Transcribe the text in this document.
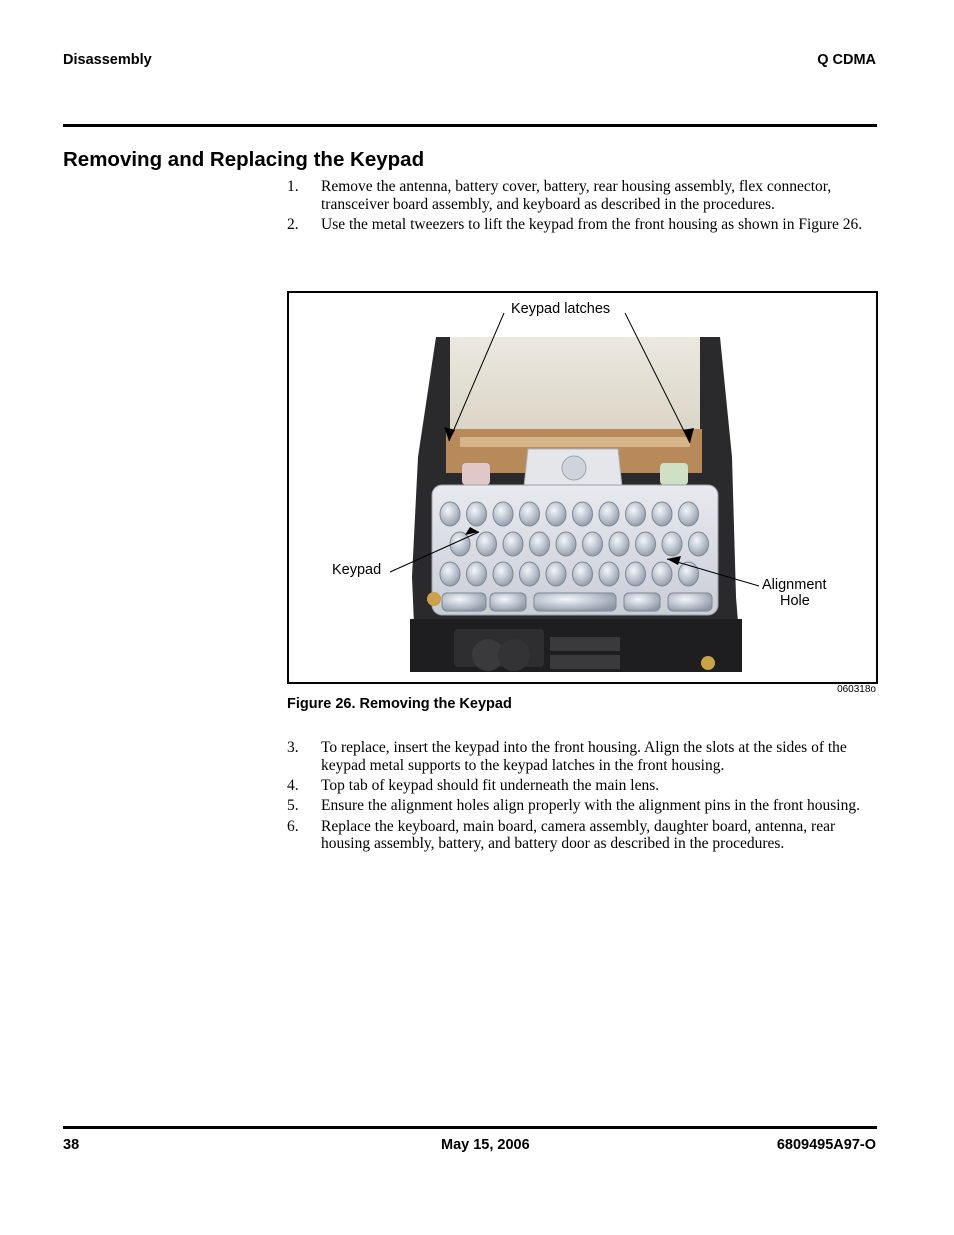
Disassembly	Q CDMA
Removing and Replacing the Keypad
1. Remove the antenna, battery cover, battery, rear housing assembly, flex connector, transceiver board assembly, and keyboard as described in the procedures.
2. Use the metal tweezers to lift the keypad from the front housing as shown in Figure 26.
Keypad latches
Keypad
Alignment
Hole
060318o

Figure 26. Removing the Keypad

3. To replace, insert the keypad into the front housing. Align the slots at the sides of the keypad metal supports to the keypad latches in the front housing.
4. Top tab of keypad should fit underneath the main lens.
5. Ensure the alignment holes align properly with the alignment pins in the front housing.
6. Replace the keyboard, main board, camera assembly, daughter board, antenna, rear housing assembly, battery, and battery door as described in the procedures.
38	May 15, 2006	6809495A97-O
